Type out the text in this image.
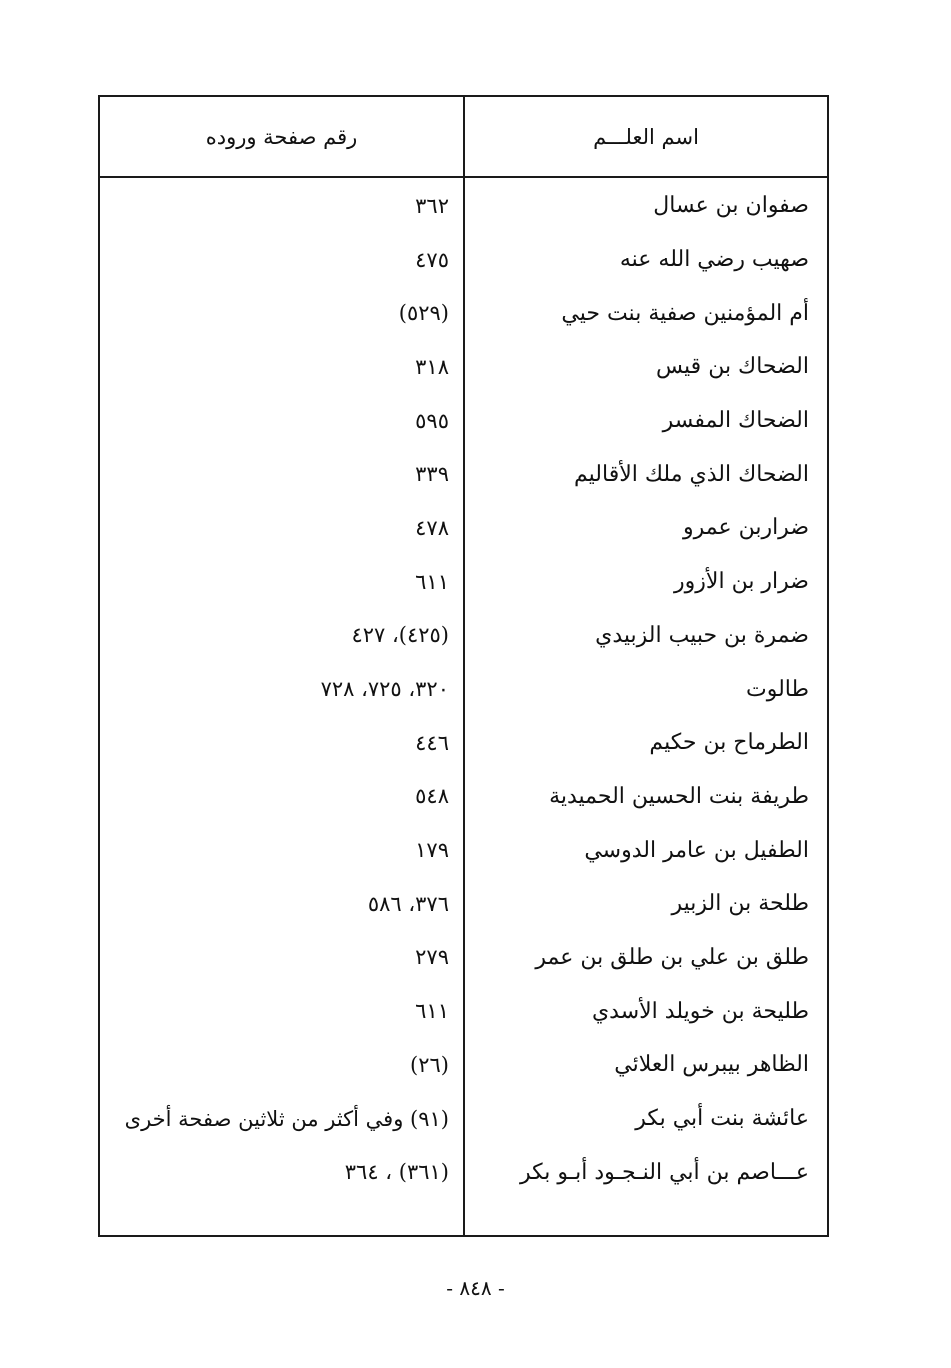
اسم العلـــم
رقم صفحة وروده
صفوان بن عسال
٣٦٢
صهيب رضي الله عنه
٤٧٥
أم المؤمنين صفية بنت حيي
(٥٢٩)
الضحاك بن قيس
٣١٨
الضحاك المفسر
٥٩٥
الضحاك الذي ملك الأقاليم
٣٣٩
ضراربن عمرو
٤٧٨
ضرار بن الأزور
٦١١
ضمرة بن حبيب الزبيدي
(٤٢٥)، ٤٢٧
طالوت
٣٢٠، ٧٢٥، ٧٢٨
الطرماح بن حكيم
٤٤٦
طريفة بنت الحسين الحميدية
٥٤٨
الطفيل بن عامر الدوسي
١٧٩
طلحة بن الزبير
٣٧٦، ٥٨٦
طلق بن علي بن طلق بن عمر
٢٧٩
طليحة بن خويلد الأسدي
٦١١
الظاهر بيبرس العلائي
(٢٦)
عائشة بنت أبي بكر
(٩١) وفي أكثر من ثلاثين صفحة أخرى
عـــاصم بن أبي النـجـود أبـو بكر
(٣٦١) ، ٣٦٤
- ٨٤٨ -
